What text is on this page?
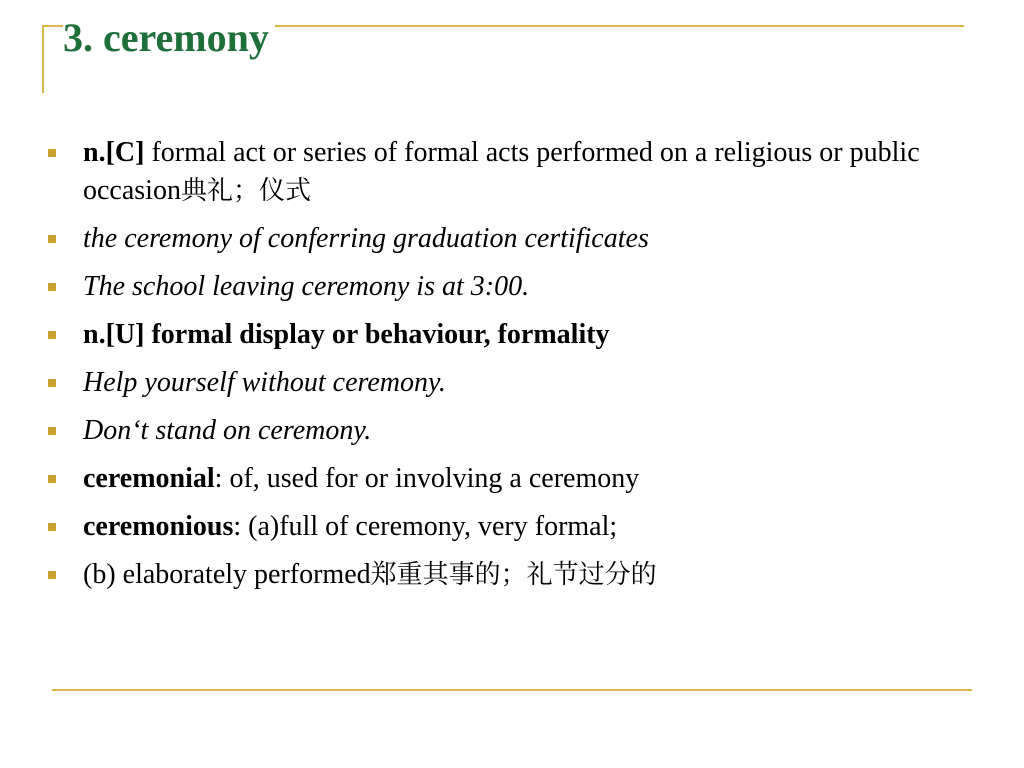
3. ceremony
n.[C] formal act or series of formal acts performed on a religious or public occasion典礼；仪式
the ceremony of conferring graduation certificates
The school leaving ceremony is at 3:00.
n.[U] formal display or behaviour, formality
Help yourself without ceremony.
Don‘t stand on ceremony.
ceremonial: of, used for or involving a ceremony
ceremonious: (a)full of ceremony, very formal;
(b) elaborately performed郑重其事的；礼节过分的
